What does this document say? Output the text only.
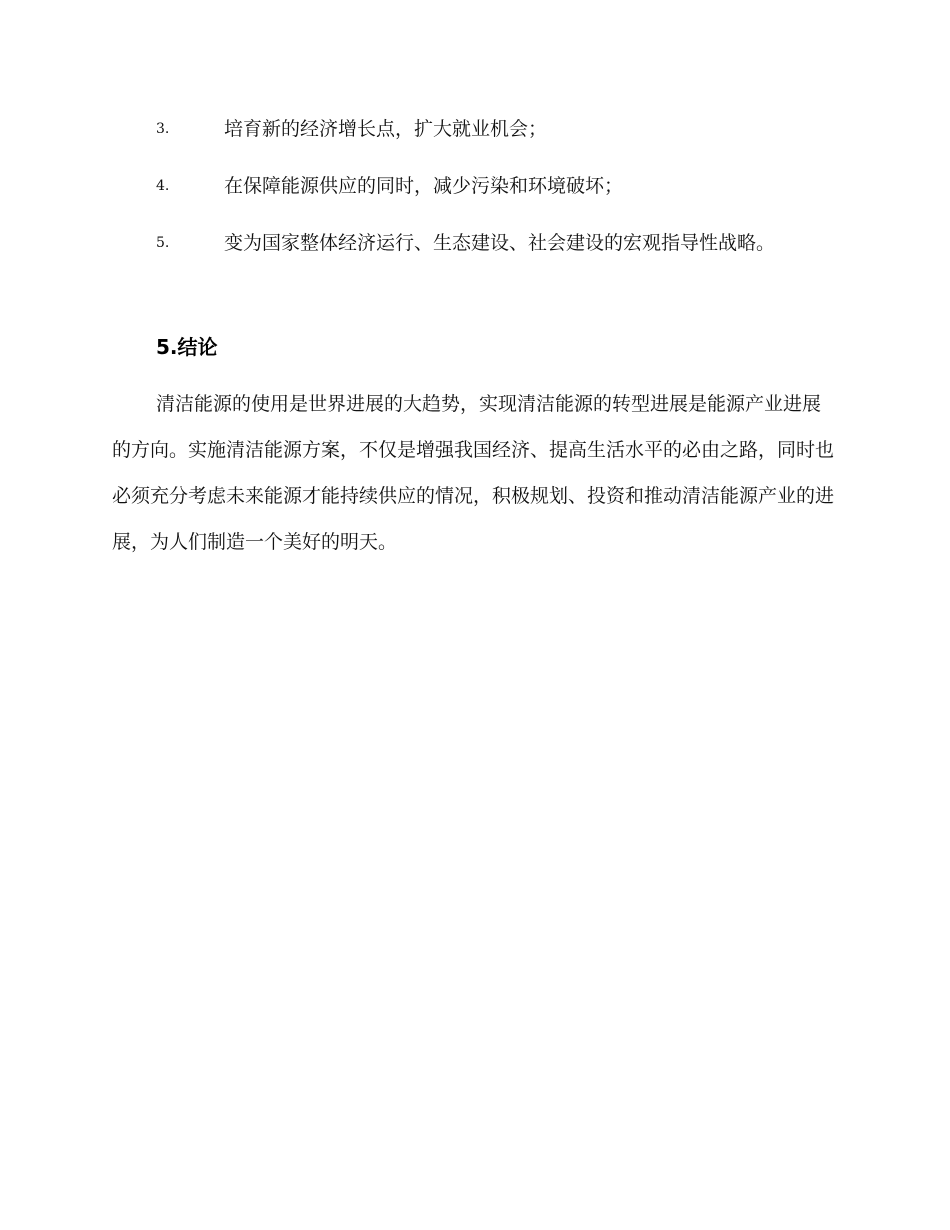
3.	培育新的经济增长点，扩大就业机会；
4.	在保障能源供应的同时，减少污染和环境破坏；
5.	变为国家整体经济运行、生态建设、社会建设的宏观指导性战略。
5.结论

清洁能源的使用是世界进展的大趋势，实现清洁能源的转型进展是能源产业进展的方向。实施清洁能源方案，不仅是增强我国经济、提高生活水平的必由之路，同时也必须充分考虑未来能源才能持续供应的情况，积极规划、投资和推动清洁能源产业的进展，为人们制造一个美好的明天。
